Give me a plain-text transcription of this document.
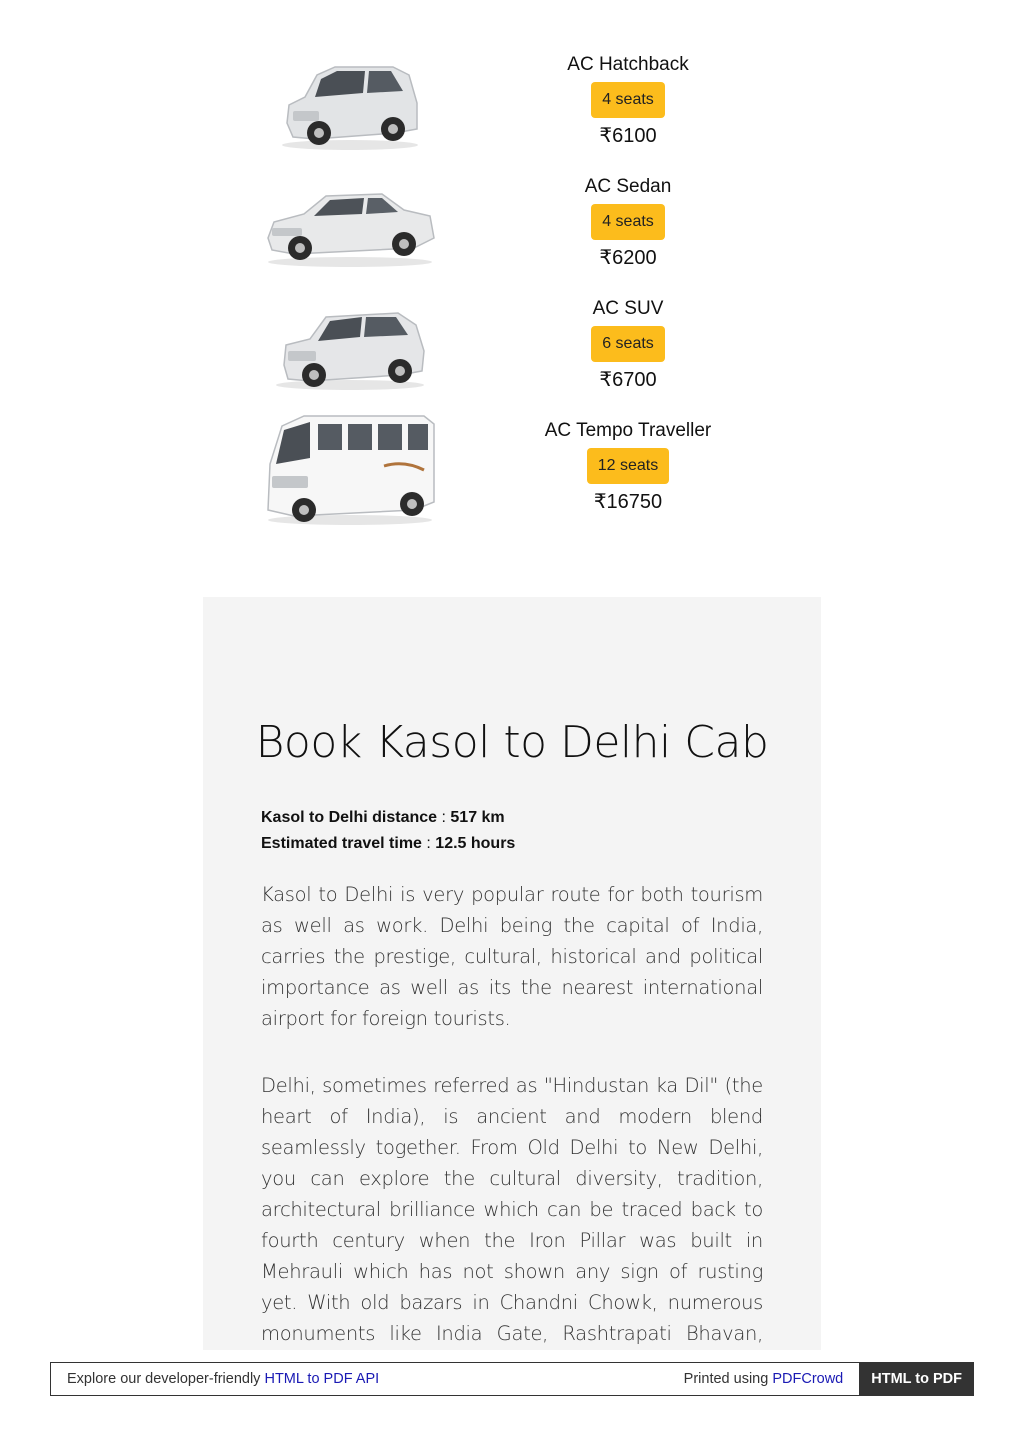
AC Hatchback
4 seats
₹6100
AC Sedan
4 seats
₹6200
AC SUV
6 seats
₹6700
AC Tempo Traveller
12 seats
₹16750
Book Kasol to Delhi Cab
Kasol to Delhi distance : 517 km
Estimated travel time : 12.5 hours

Kasol to Delhi is very popular route for both tourism as well as work. Delhi being the capital of India, carries the prestige, cultural, historical and political importance as well as its the nearest international airport for foreign tourists.

Delhi, sometimes referred as "Hindustan ka Dil" (the heart of India), is ancient and modern blend seamlessly together. From Old Delhi to New Delhi, you can explore the cultural diversity, tradition, architectural brilliance which can be traced back to fourth century when the Iron Pillar was built in Mehrauli which has not shown any sign of rusting yet. With old bazars in Chandni Chowk, numerous monuments like India Gate, Rashtrapati Bhavan,

Explore our developer-friendly HTML to PDF API	Printed using PDFCrowd	HTML to PDF
